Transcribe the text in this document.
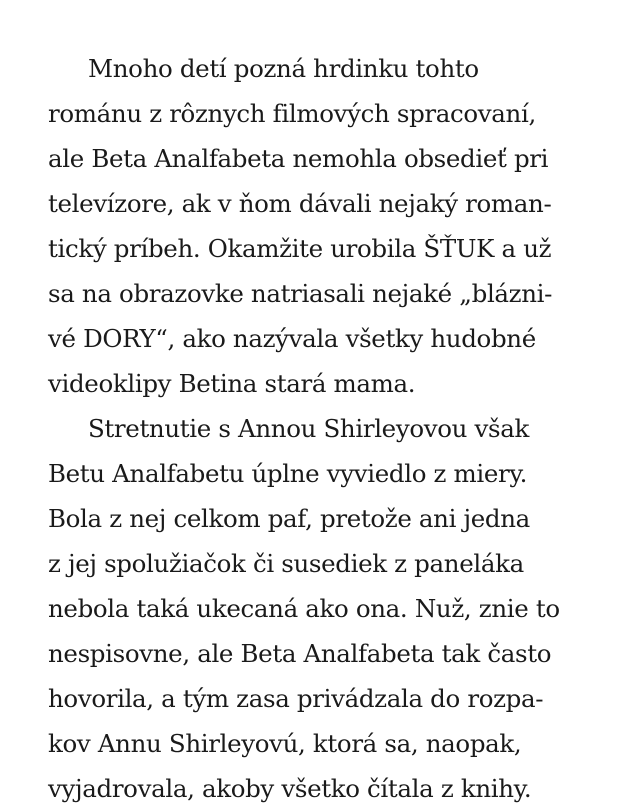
Mnoho detí pozná hrdinku tohto
románu z rôznych filmových spracovaní,
ale Beta Analfabeta nemohla obsedieť pri
televízore, ak v ňom dávali nejaký roman-
tický príbeh. Okamžite urobila ŠŤUK a už
sa na obrazovke natriasali nejaké „blázni-
vé DORY“, ako nazývala všetky hudobné
videoklipy Betina stará mama.
Stretnutie s Annou Shirleyovou však
Betu Analfabetu úplne vyviedlo z miery.
Bola z nej celkom paf, pretože ani jedna
z jej spolužiačok či susediek z paneláka
nebola taká ukecaná ako ona. Nuž, znie to
nespisovne, ale Beta Analfabeta tak často
hovorila, a tým zasa privádzala do rozpa-
kov Annu Shirleyovú, ktorá sa, naopak,
vyjadrovala, akoby všetko čítala z knihy.
